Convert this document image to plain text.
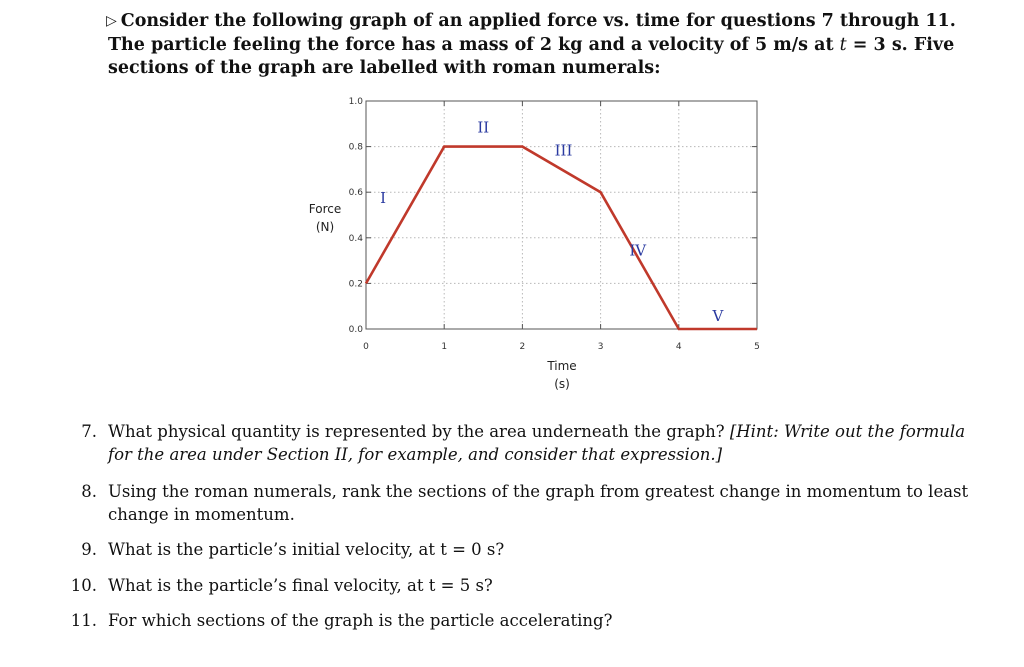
▷ Consider the following graph of an applied force vs. time for questions 7 through 11. The particle feeling the force has a mass of 2 kg and a velocity of 5 m/s at t = 3 s. Five sections of the graph are labelled with roman numerals:
0	1	2	3	4	5
0.0
0.2
0.4
0.6
0.8
1.0
Force
(N)
Time
(s)
I
II
III
IV
V
7. What physical quantity is represented by the area underneath the graph? [Hint: Write out the formula for the area under Section II, for example, and consider that expression.]
8. Using the roman numerals, rank the sections of the graph from greatest change in momentum to least change in momentum.
9. What is the particle’s initial velocity, at t = 0 s?
10. What is the particle’s final velocity, at t = 5 s?
11. For which sections of the graph is the particle accelerating?
